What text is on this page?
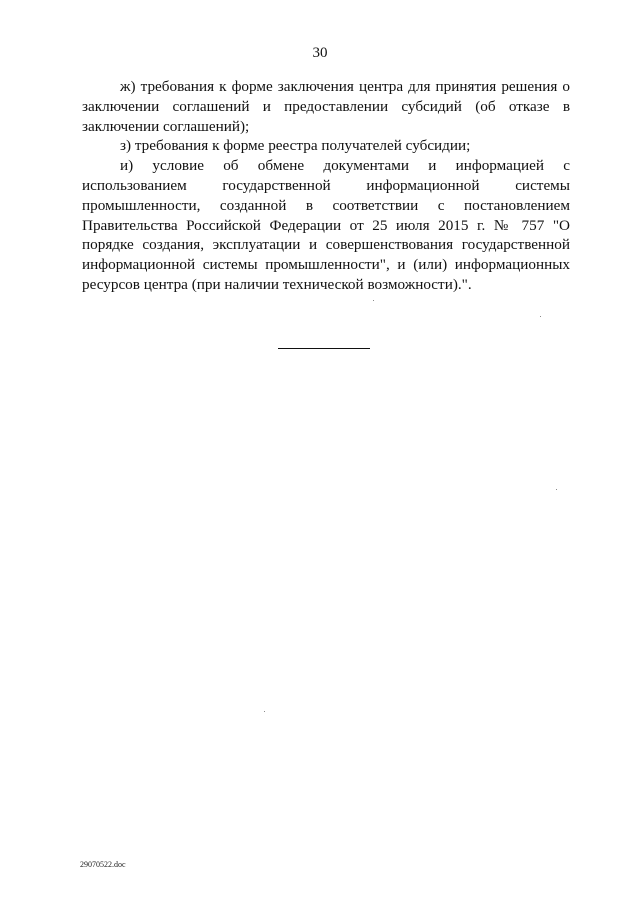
30

ж) требования к форме заключения центра для принятия решения о заключении соглашений и предоставлении субсидий (об отказе в заключении соглашений);

з) требования к форме реестра получателей субсидии;

и) условие об обмене документами и информацией с использованием государственной информационной системы промышленности, созданной в соответствии с постановлением Правительства Российской Федерации от 25 июля 2015 г. № 757 "О порядке создания, эксплуатации и совершенствования государственной информационной системы промышленности", и (или) информационных ресурсов центра (при наличии технической возможности).".

29070522.doc
